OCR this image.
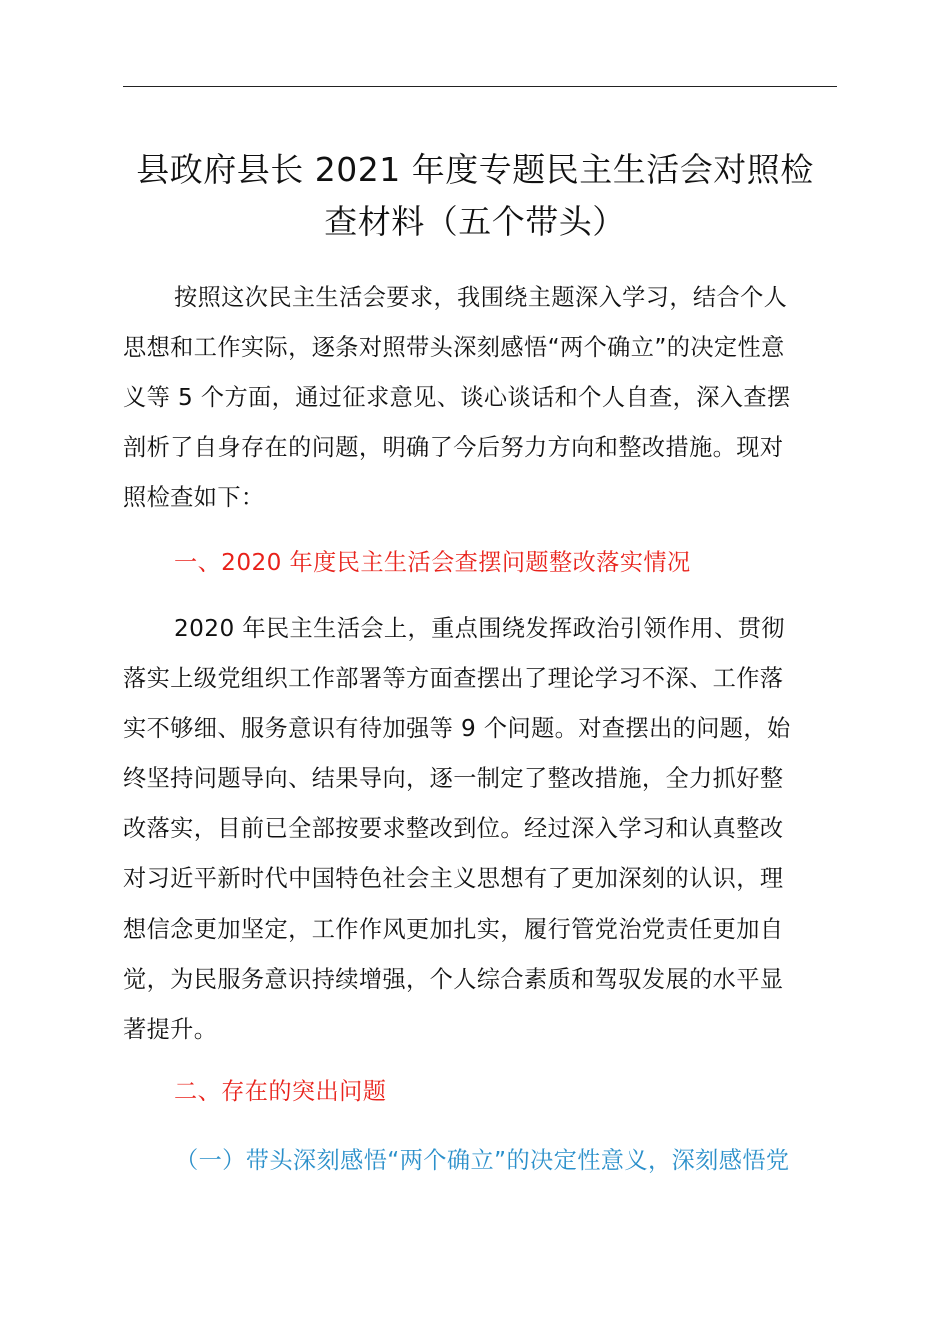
县政府县长 2021 年度专题民主生活会对照检
查材料（五个带头）
按照这次民主生活会要求，我围绕主题深入学习，结合个人
思想和工作实际，逐条对照带头深刻感悟“两个确立”的决定性意
义等 5 个方面，通过征求意见、谈心谈话和个人自查，深入查摆
剖析了自身存在的问题，明确了今后努力方向和整改措施。现对
照检查如下：
一、2020 年度民主生活会查摆问题整改落实情况
2020 年民主生活会上，重点围绕发挥政治引领作用、贯彻
落实上级党组织工作部署等方面查摆出了理论学习不深、工作落
实不够细、服务意识有待加强等 9 个问题。对查摆出的问题，始
终坚持问题导向、结果导向，逐一制定了整改措施，全力抓好整
改落实，目前已全部按要求整改到位。经过深入学习和认真整改
对习近平新时代中国特色社会主义思想有了更加深刻的认识，理
想信念更加坚定，工作作风更加扎实，履行管党治党责任更加自
觉，为民服务意识持续增强，个人综合素质和驾驭发展的水平显
著提升。
二、存在的突出问题
（一）带头深刻感悟“两个确立”的决定性意义，深刻感悟党
